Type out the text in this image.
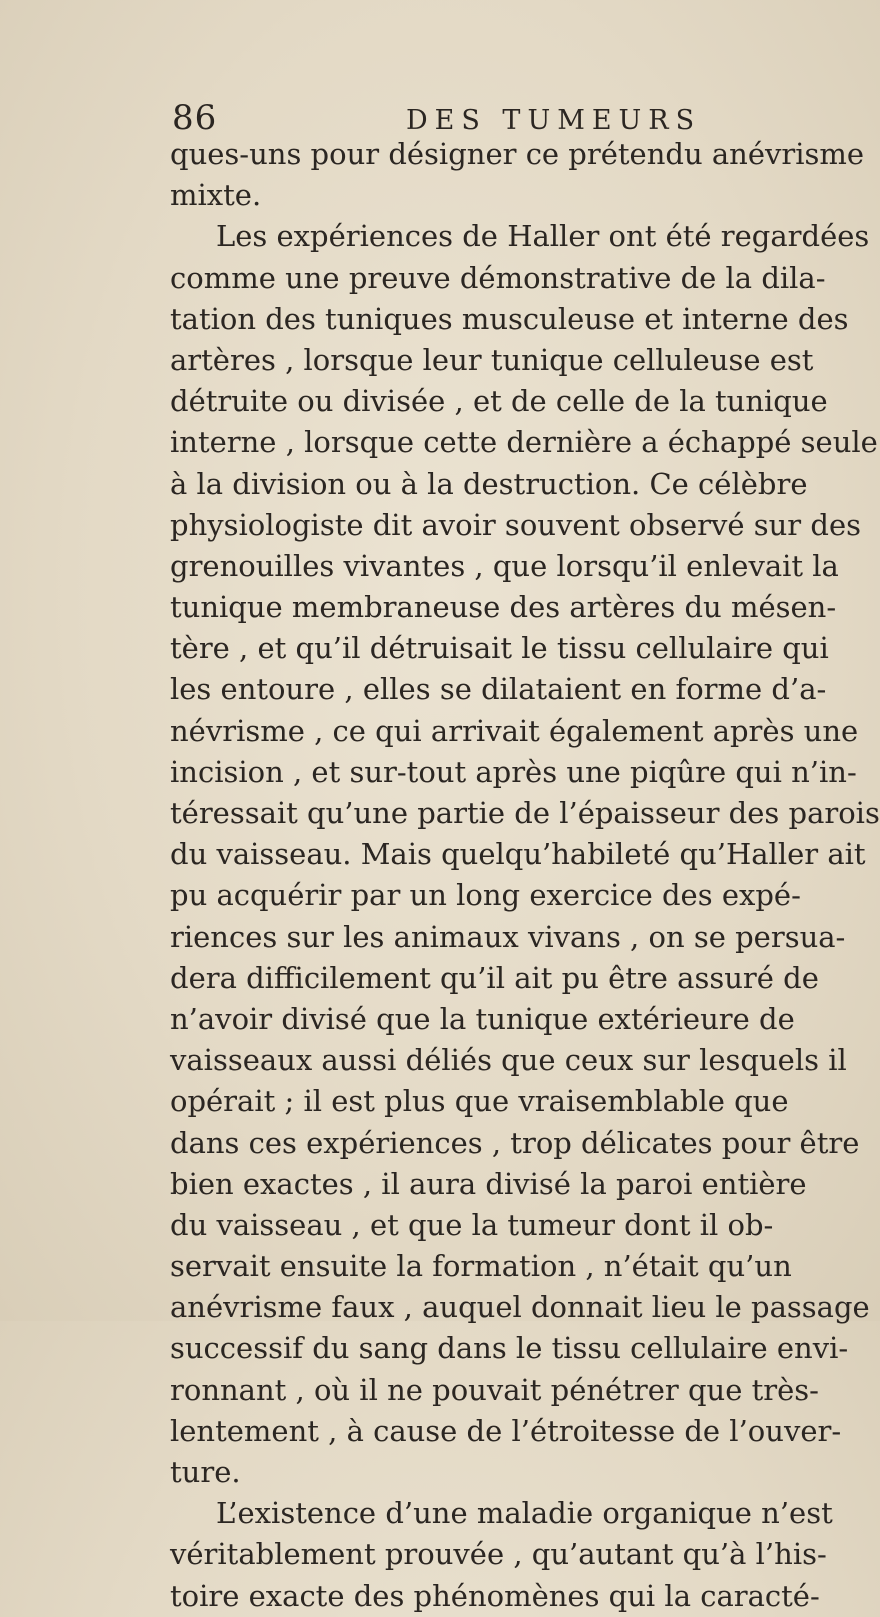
86	DES TUMEURS
ques-uns pour désigner ce prétendu anévrisme
mixte.
Les expériences de Haller ont été regardées
comme une preuve démonstrative de la dila-
tation des tuniques musculeuse et interne des
artères , lorsque leur tunique celluleuse est
détruite ou divisée , et de celle de la tunique
interne , lorsque cette dernière a échappé seule
à la division ou à la destruction. Ce célèbre
physiologiste dit avoir souvent observé sur des
grenouilles vivantes , que lorsqu’il enlevait la
tunique membraneuse des artères du mésen-
tère , et qu’il détruisait le tissu cellulaire qui
les entoure , elles se dilataient en forme d’a-
névrisme , ce qui arrivait également après une
incision , et sur-tout après une piqûre qui n’in-
téressait qu’une partie de l’épaisseur des parois
du vaisseau. Mais quelqu’habileté qu’Haller ait
pu acquérir par un long exercice des expé-
riences sur les animaux vivans , on se persua-
dera difficilement qu’il ait pu être assuré de
n’avoir divisé que la tunique extérieure de
vaisseaux aussi déliés que ceux sur lesquels il
opérait ; il est plus que vraisemblable que
dans ces expériences , trop délicates pour être
bien exactes , il aura divisé la paroi entière
du vaisseau , et que la tumeur dont il ob-
servait ensuite la formation , n’était qu’un
anévrisme faux , auquel donnait lieu le passage
successif du sang dans le tissu cellulaire envi-
ronnant , où il ne pouvait pénétrer que très-
lentement , à cause de l’étroitesse de l’ouver-
ture.
L’existence d’une maladie organique n’est
véritablement prouvée , qu’autant qu’à l’his-
toire exacte des phénomènes qui la caracté-
